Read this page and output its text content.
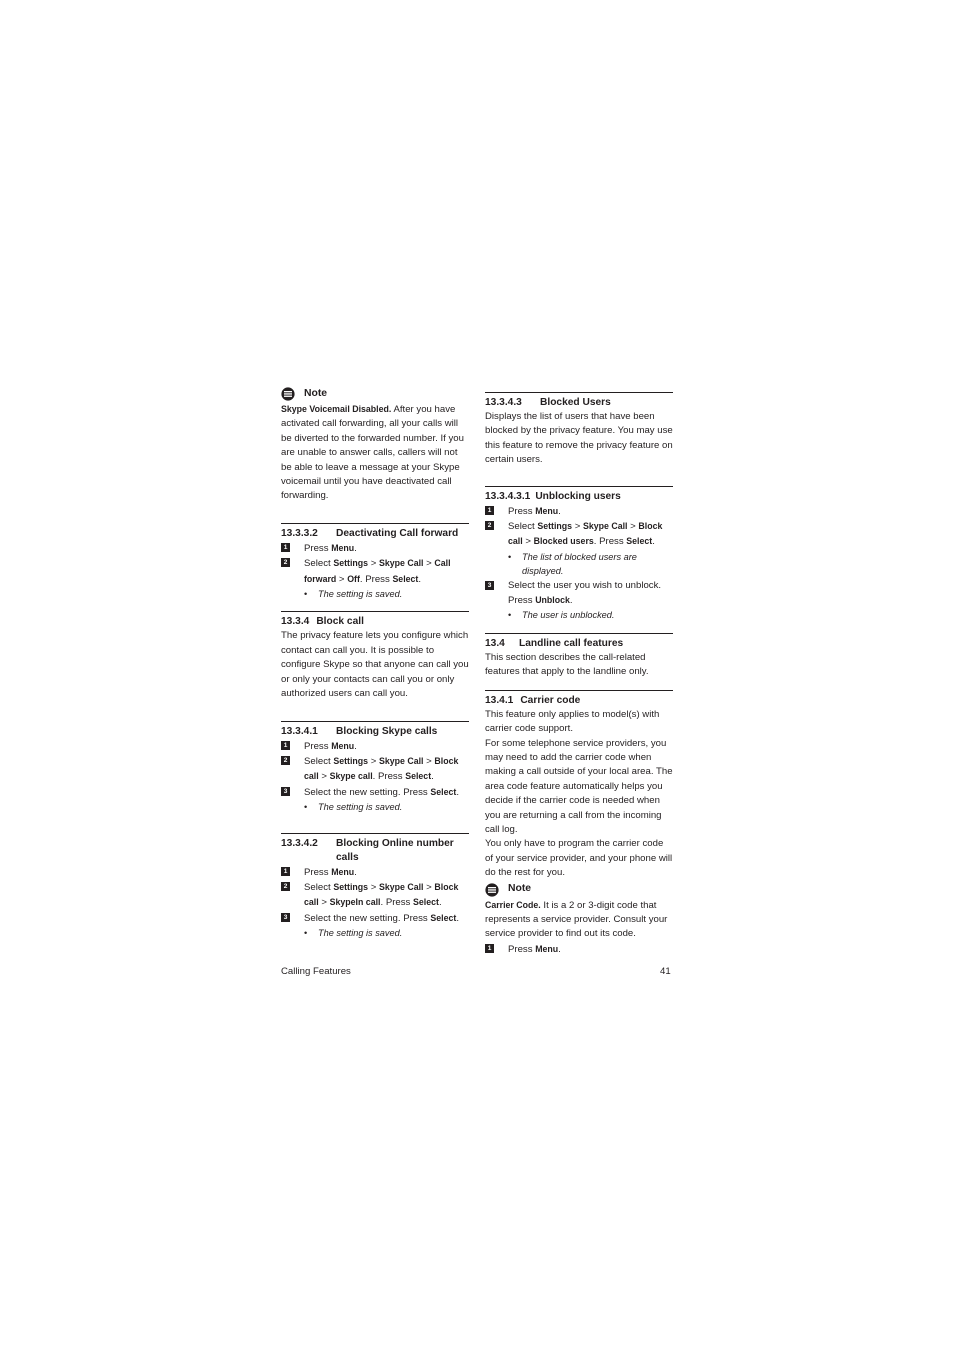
Note

Skype Voicemail Disabled. After you have activated call forwarding, all your calls will be diverted to the forwarded number. If you are unable to answer calls, callers will not be able to leave a message at your Skype voicemail until you have deactivated call forwarding.

13.3.3.2	Deactivating Call forward
1 Press Menu.
2 Select Settings > Skype Call > Call forward > Off. Press Select.
•	The setting is saved.
13.3.4 Block call

The privacy feature lets you configure which contact can call you. It is possible to configure Skype so that anyone can call you or only your contacts can call you or only authorized users can call you.

13.3.4.1	Blocking Skype calls
1 Press Menu.
2 Select Settings > Skype Call > Block call > Skype call. Press Select.
3 Select the new setting. Press Select.
•	The setting is saved.
13.3.4.2	Blocking Online number calls
1 Press Menu.
2 Select Settings > Skype Call > Block call > SkypeIn call. Press Select.
3 Select the new setting. Press Select.
•	The setting is saved.
13.3.4.3	Blocked Users

Displays the list of users that have been blocked by the privacy feature. You may use this feature to remove the privacy feature on certain users.

13.3.4.3.1 Unblocking users
1 Press Menu.
2 Select Settings > Skype Call > Block call > Blocked users. Press Select.
•	The list of blocked users are displayed.
3 Select the user you wish to unblock. Press Unblock.
•	The user is unblocked.
13.4	Landline call features

This section describes the call-related features that apply to the landline only.

13.4.1 Carrier code

This feature only applies to model(s) with carrier code support.

For some telephone service providers, you may need to add the carrier code when making a call outside of your local area. The area code feature automatically helps you decide if the carrier code is needed when you are returning a call from the incoming call log.

You only have to program the carrier code of your service provider, and your phone will do the rest for you.

Note

Carrier Code. It is a 2 or 3-digit code that represents a service provider. Consult your service provider to find out its code.

1 Press Menu.
Calling Features	41
